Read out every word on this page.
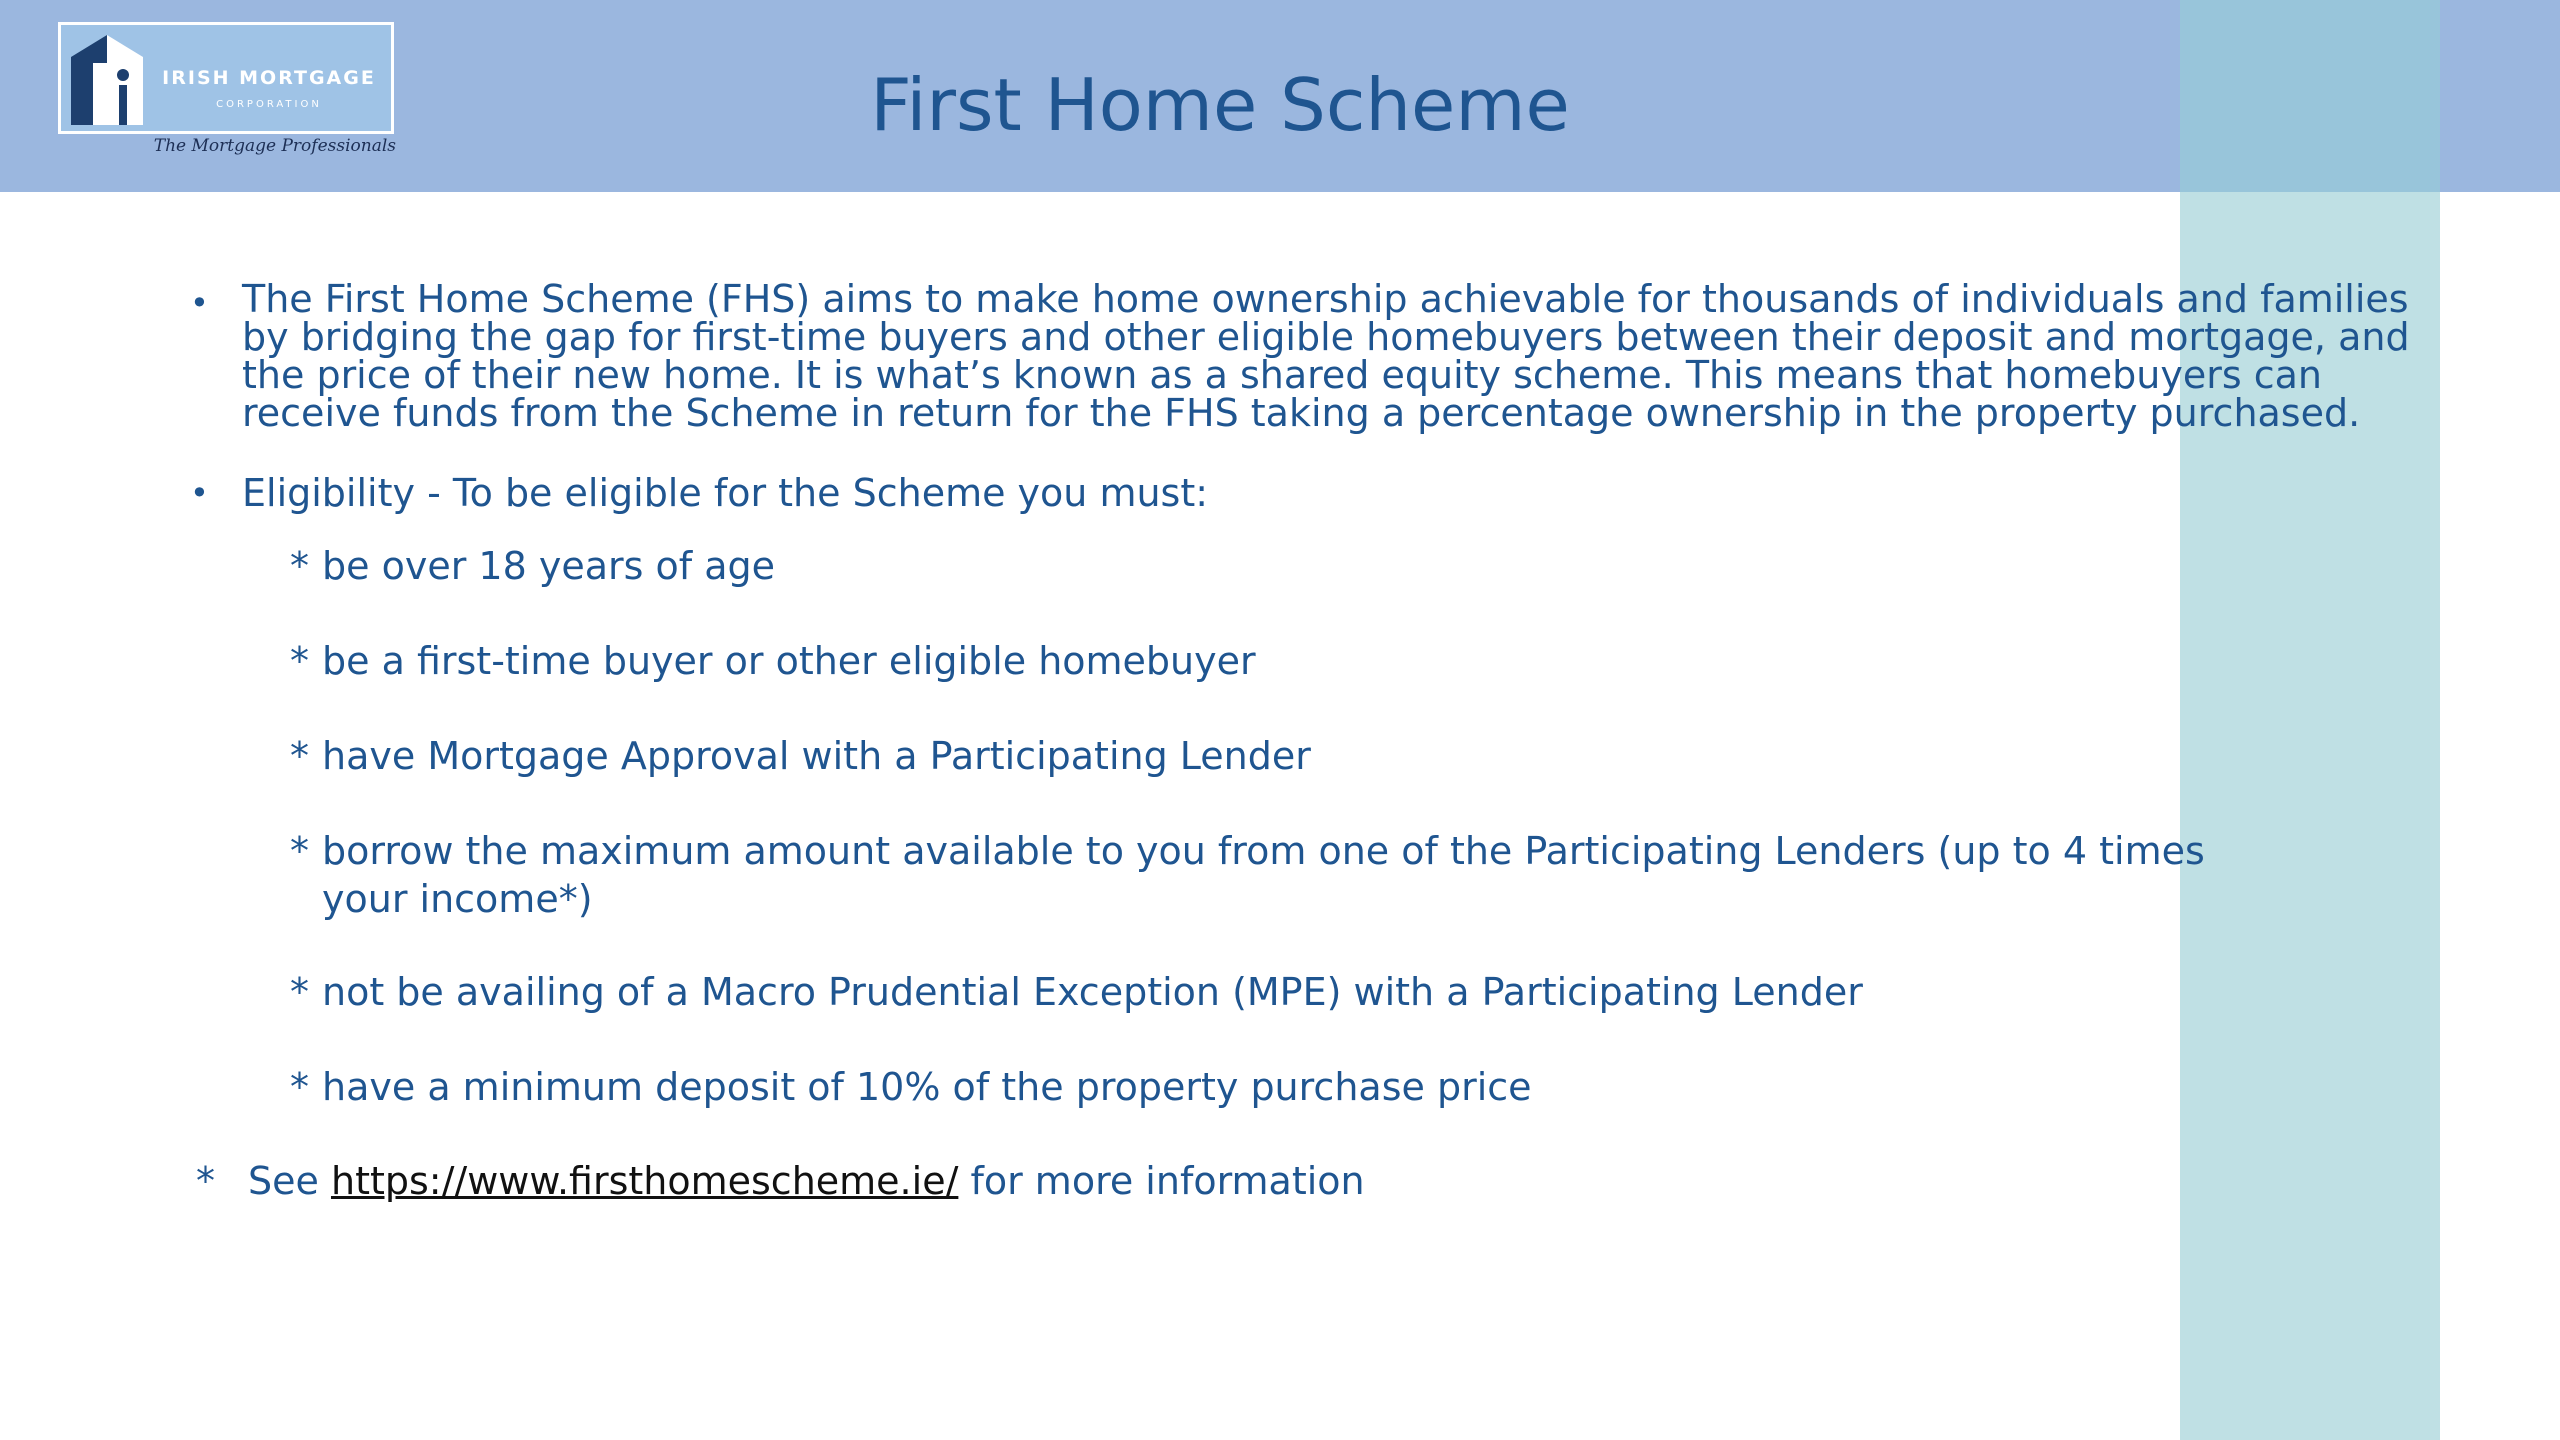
IRISH MORTGAGE
CORPORATION
The Mortgage Professionals	First Home Scheme
• The First Home Scheme (FHS) aims to make home ownership achievable for thousands of individuals and families by bridging the gap for first-time buyers and other eligible homebuyers between their deposit and mortgage, and the price of their new home. It is what’s known as a shared equity scheme. This means that homebuyers can receive funds from the Scheme in return for the FHS taking a percentage ownership in the property purchased.
• Eligibility - To be eligible for the Scheme you must:
* be over 18 years of age
* be a first-time buyer or other eligible homebuyer
* have Mortgage Approval with a Participating Lender
* borrow the maximum amount available to you from one of the Participating Lenders (up to 4 times your income*)
* not be availing of a Macro Prudential Exception (MPE) with a Participating Lender
* have a minimum deposit of 10% of the property purchase price
* See https://www.firsthomescheme.ie/ for more information
